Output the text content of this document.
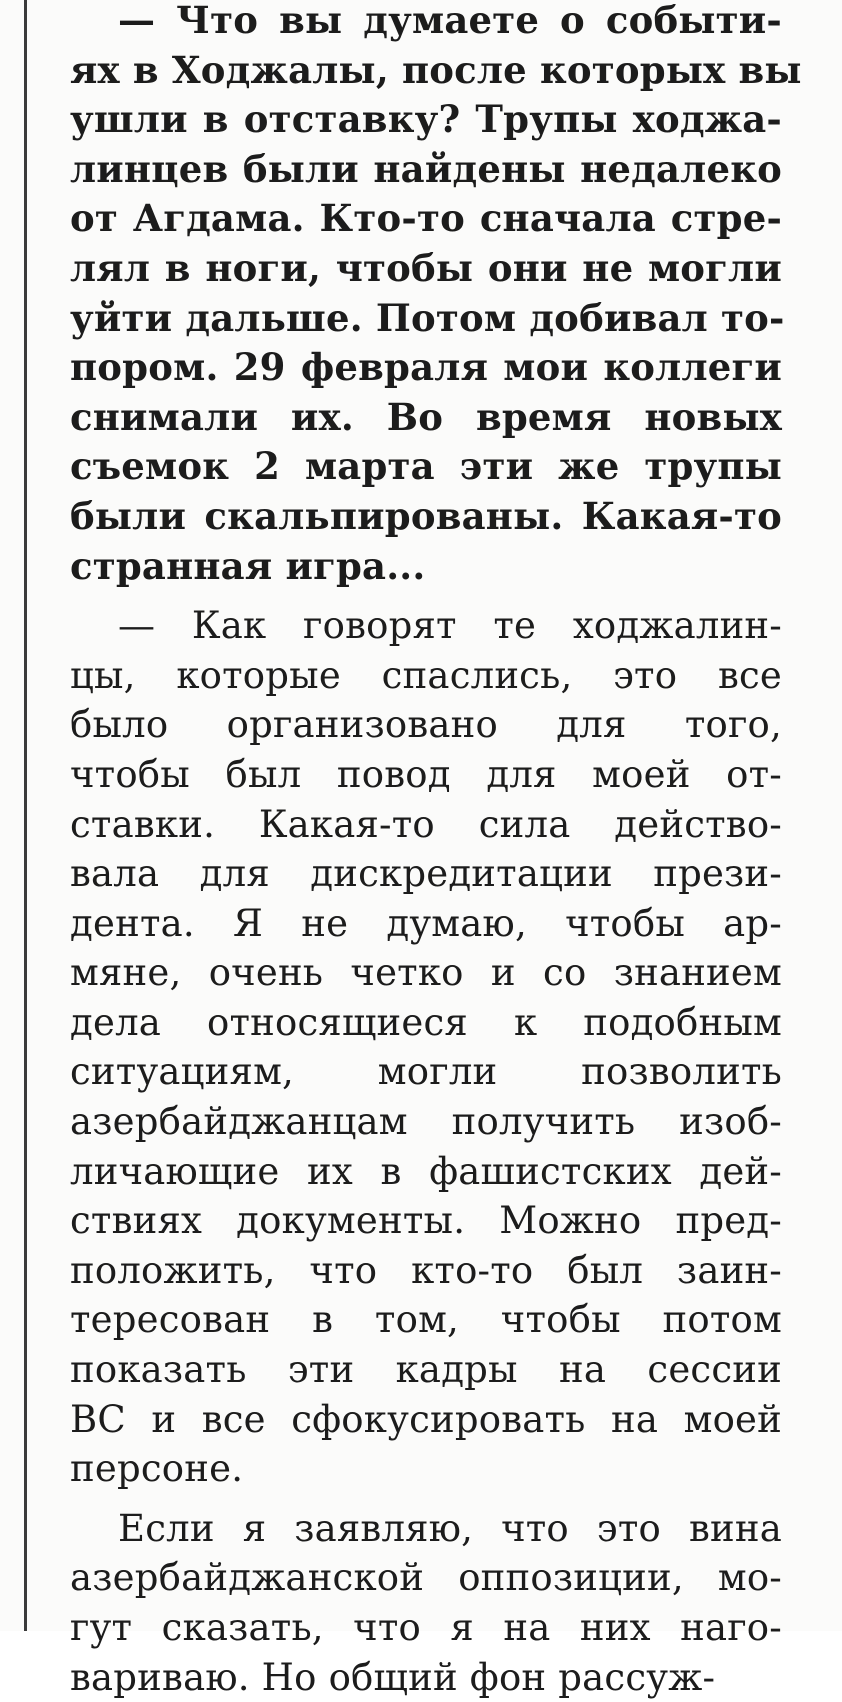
— Что вы думаете о событи-
ях в Ходжалы, после которых вы
ушли в отставку? Трупы ходжа-
линцев были найдены недалеко
от Агдама. Кто-то сначала стре-
лял в ноги, чтобы они не могли
уйти дальше. Потом добивал то-
пором. 29 февраля мои коллеги
снимали их. Во время новых
съемок 2 марта эти же трупы
были скальпированы. Какая-то
странная игра...
— Как говорят те ходжалин-
цы, которые спаслись, это все
было организовано для того,
чтобы был повод для моей от-
ставки. Какая-то сила действо-
вала для дискредитации прези-
дента. Я не думаю, чтобы ар-
мяне, очень четко и со знанием
дела относящиеся к подобным
ситуациям, могли позволить
азербайджанцам получить изоб-
личающие их в фашистских дей-
ствиях документы. Можно пред-
положить, что кто-то был заин-
тересован в том, чтобы потом
показать эти кадры на сессии
ВС и все сфокусировать на моей
персоне.
Если я заявляю, что это вина
азербайджанской оппозиции, мо-
гут сказать, что я на них наго-
вариваю. Но общий фон рассуж-
